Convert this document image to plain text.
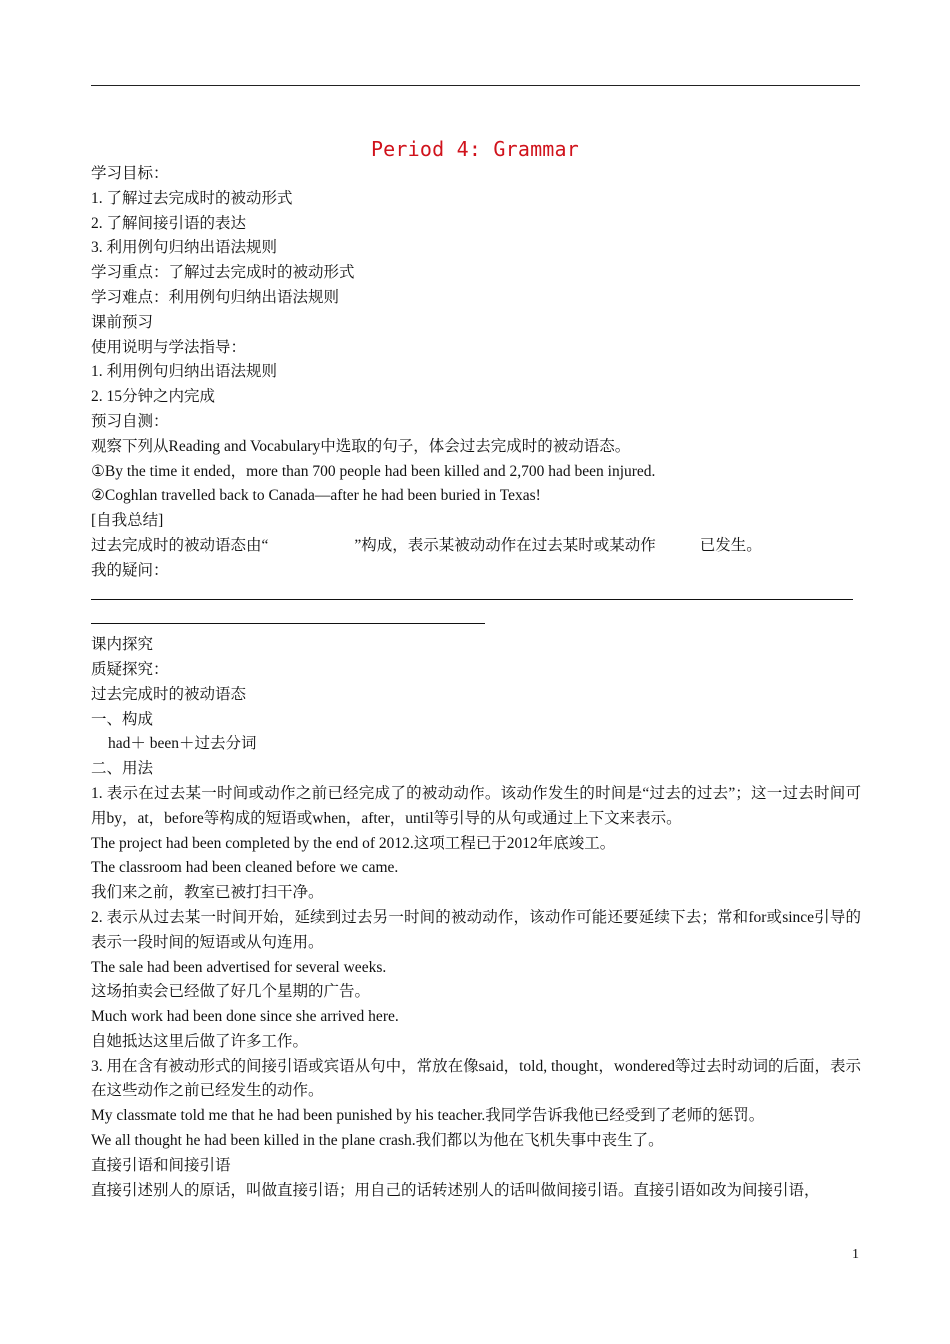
Period 4: Grammar

学习目标：

1. 了解过去完成时的被动形式

2. 了解间接引语的表达

3. 利用例句归纳出语法规则

学习重点：了解过去完成时的被动形式

学习难点：利用例句归纳出语法规则

课前预习

使用说明与学法指导：

1. 利用例句归纳出语法规则

2. 15分钟之内完成

预习自测：

观察下列从Reading and Vocabulary中选取的句子，体会过去完成时的被动语态。

①By the time it ended，more than 700 people had been killed and 2,700 had been injured.

②Coghlan travelled back to Canada—after he had been buried in Texas!

[自我总结]

过去完成时的被动语态由“	”构成，表示某被动动作在过去某时或某动作	已发生。

我的疑问：

课内探究

质疑探究：

过去完成时的被动语态

一、构成

had＋ been＋过去分词

二、用法

1. 表示在过去某一时间或动作之前已经完成了的被动动作。该动作发生的时间是“过去的过去”；这一过去时间可用by，at，before等构成的短语或when，after，until等引导的从句或通过上下文来表示。

The project had been completed by the end of 2012.这项工程已于2012年底竣工。

The classroom had been cleaned before we came.

我们来之前，教室已被打扫干净。

2. 表示从过去某一时间开始，延续到过去另一时间的被动动作，该动作可能还要延续下去；常和for或since引导的表示一段时间的短语或从句连用。

The sale had been advertised for several weeks.

这场拍卖会已经做了好几个星期的广告。

Much work had been done since she arrived here.

自她抵达这里后做了许多工作。

3. 用在含有被动形式的间接引语或宾语从句中，常放在像said，told, thought，wondered等过去时动词的后面，表示在这些动作之前已经发生的动作。

My classmate told me that he had been punished by his teacher.我同学告诉我他已经受到了老师的惩罚。

We all thought he had been killed in the plane crash.我们都以为他在飞机失事中丧生了。

直接引语和间接引语

直接引述别人的原话，叫做直接引语；用自己的话转述别人的话叫做间接引语。直接引语如改为间接引语，

1
